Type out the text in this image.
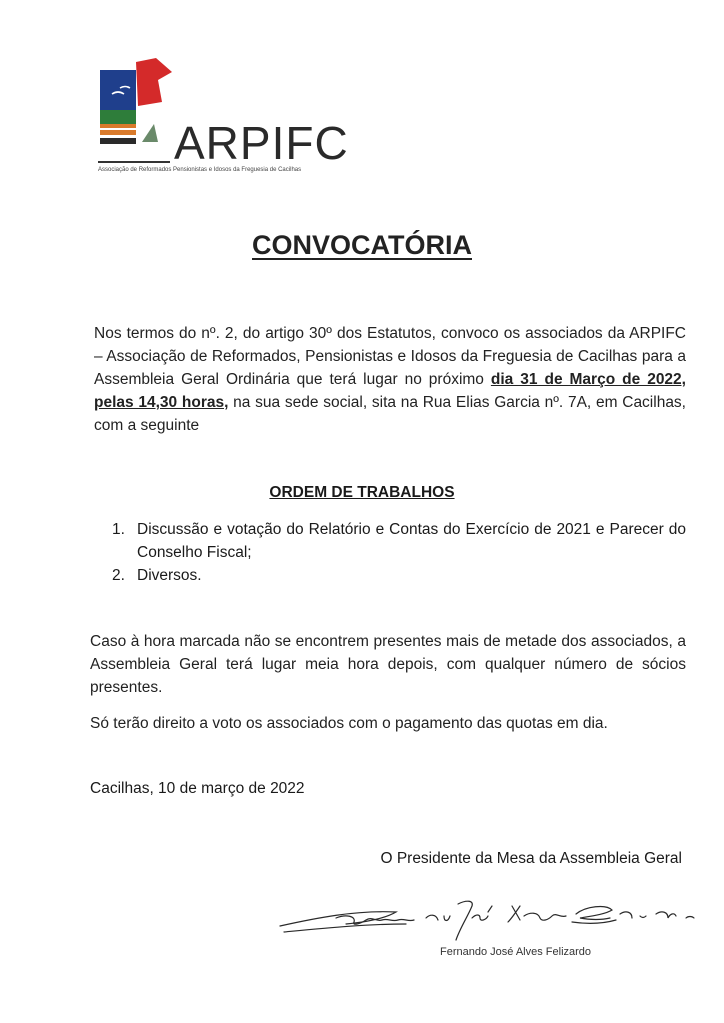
ARPIFC
Associação de Reformados Pensionistas e Idosos da Freguesia de Cacilhas
CONVOCATÓRIA
Nos termos do nº. 2, do artigo 30º dos Estatutos, convoco os associados da ARPIFC – Associação de Reformados, Pensionistas e Idosos da Freguesia de Cacilhas para a Assembleia Geral Ordinária que terá lugar no próximo dia 31 de Março de 2022, pelas 14,30 horas, na sua sede social, sita na Rua Elias Garcia nº. 7A, em Cacilhas, com a seguinte
ORDEM DE TRABALHOS
1. Discussão e votação do Relatório e Contas do Exercício de 2021 e Parecer do Conselho Fiscal;
2. Diversos.
Caso à hora marcada não se encontrem presentes mais de metade dos associados, a Assembleia Geral terá lugar meia hora depois, com qualquer número de sócios presentes.
Só terão direito a voto os associados com o pagamento das quotas em dia.
Cacilhas, 10 de março de 2022
O Presidente da Mesa da Assembleia Geral
Fernando José Alves Felizardo
